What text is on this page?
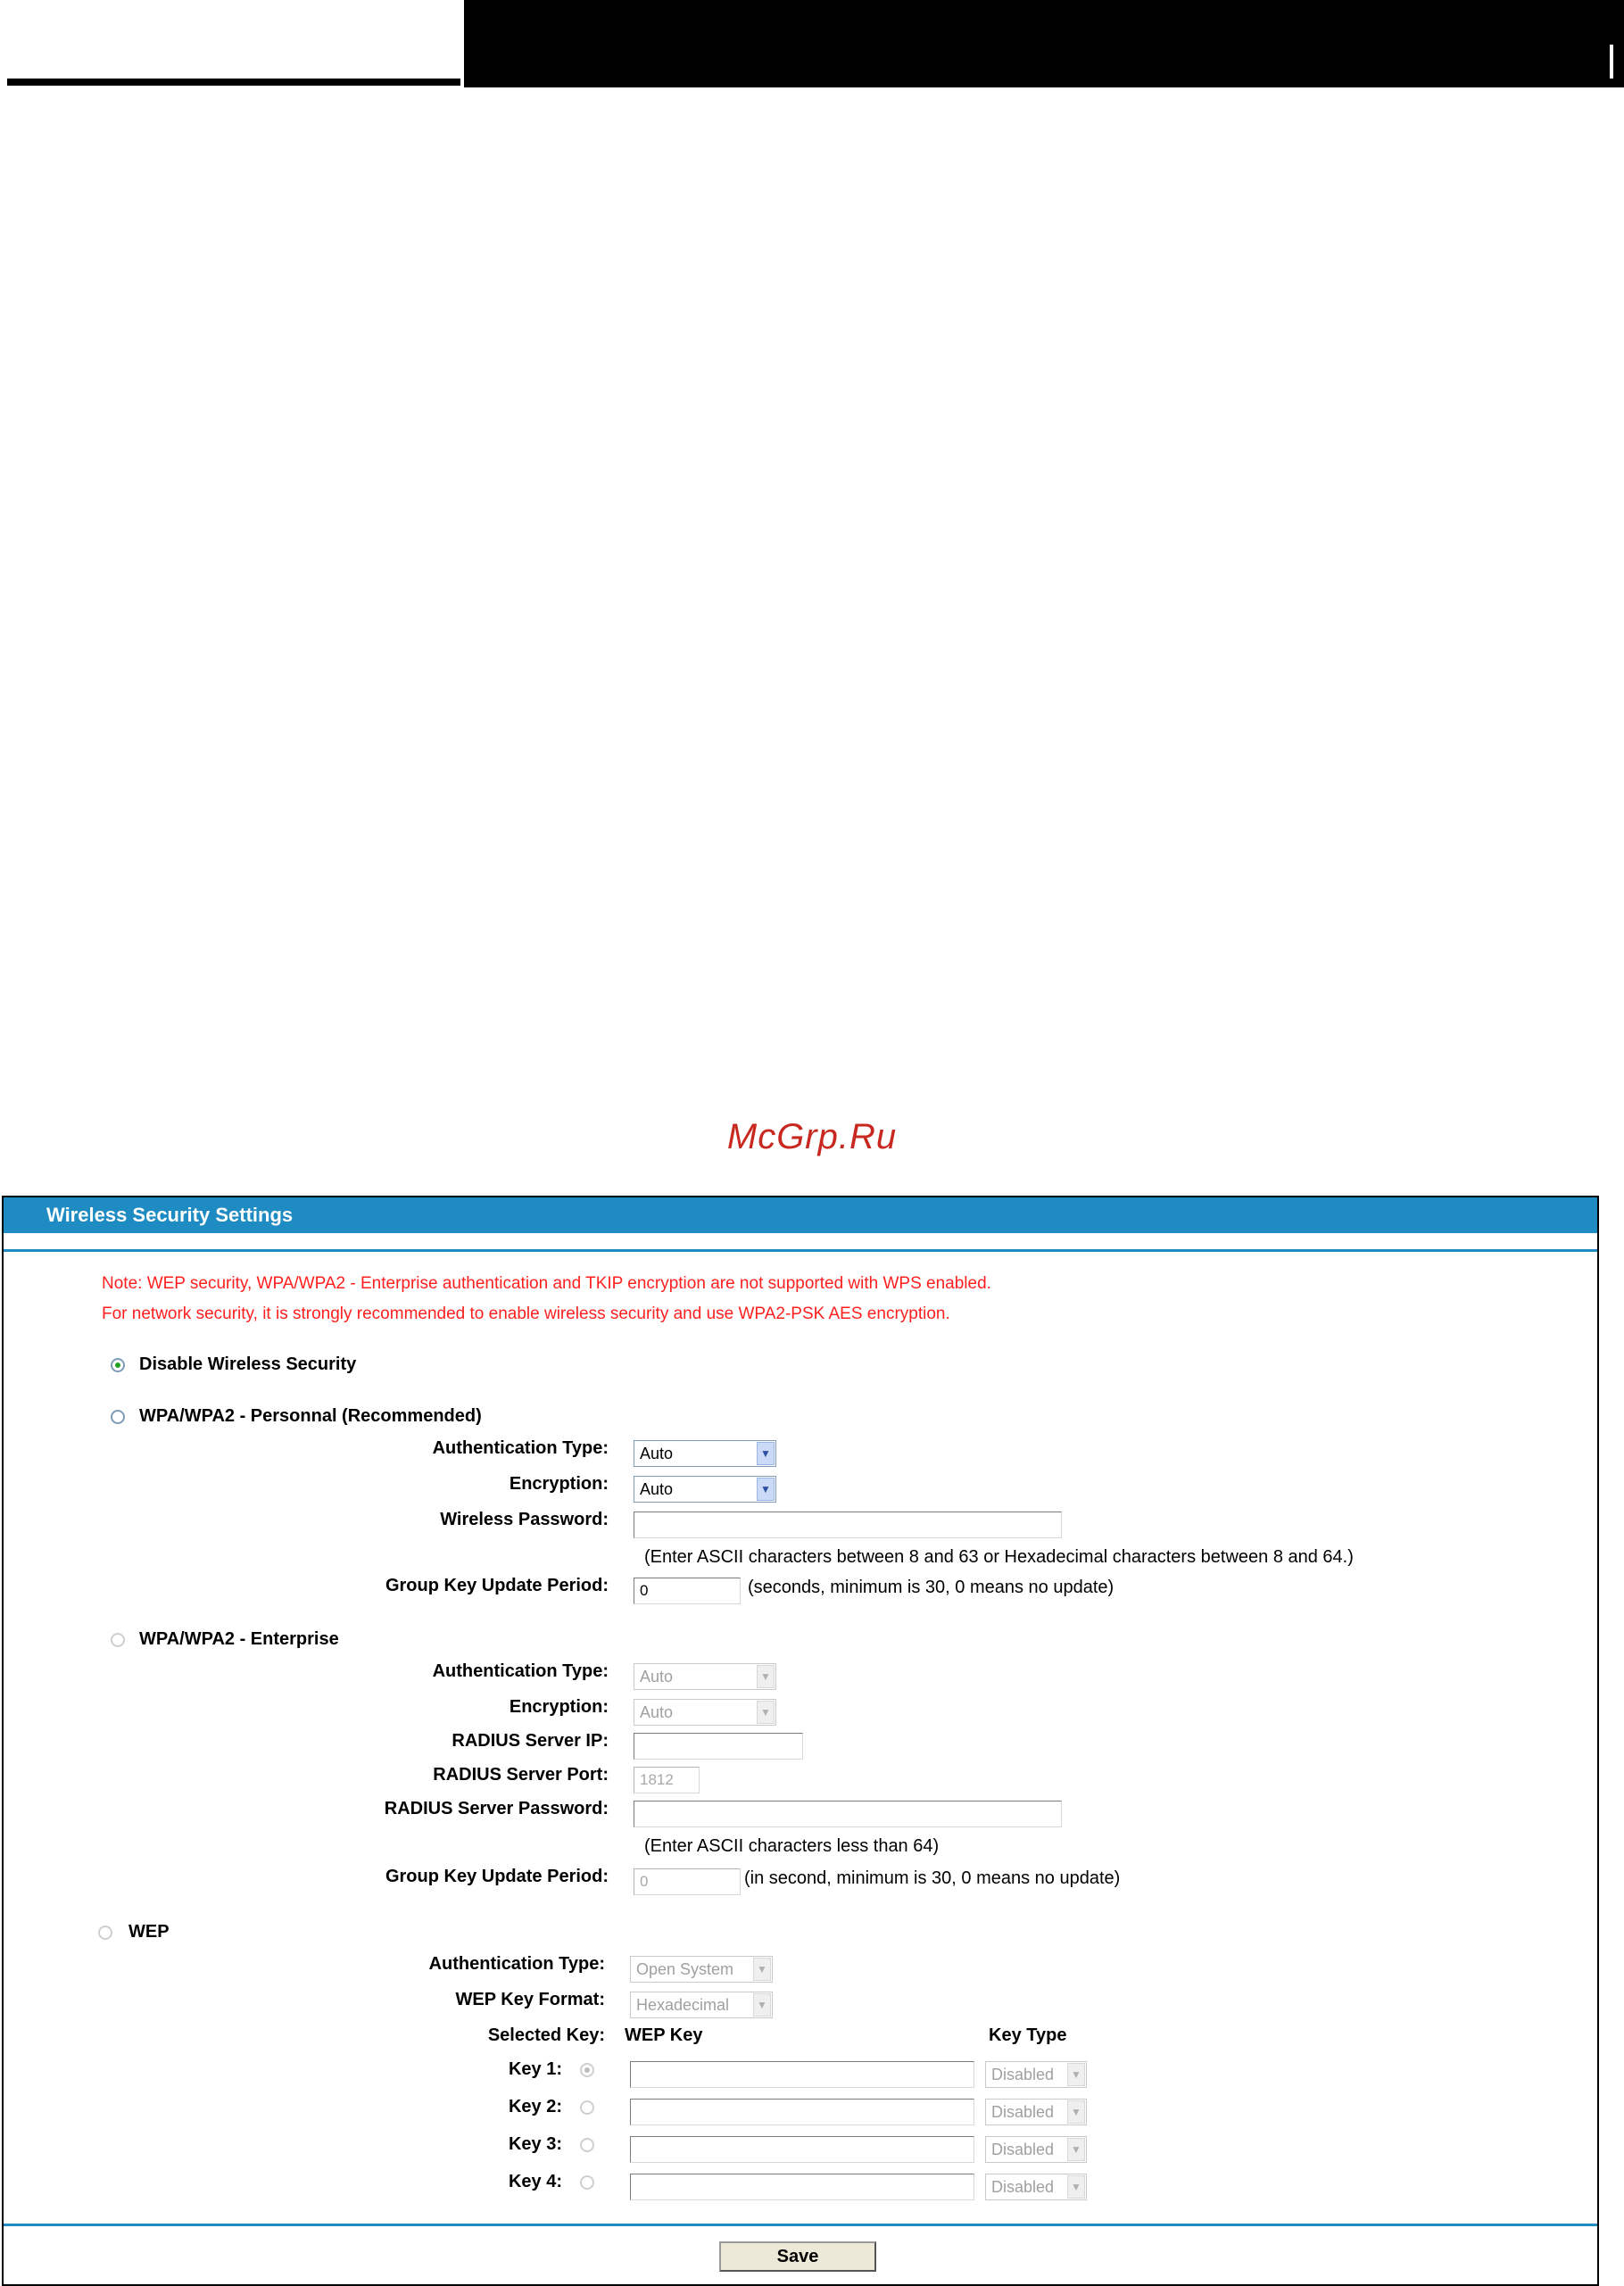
McGrp.Ru
Wireless Security Settings
Note: WEP security, WPA/WPA2 - Enterprise authentication and TKIP encryption are not supported with WPS enabled.
For network security, it is strongly recommended to enable wireless security and use WPA2-PSK AES encryption.
Disable Wireless Security
WPA/WPA2 - Personnal (Recommended)
Authentication Type:	Auto	▼
Encryption:	Auto	▼
Wireless Password:
(Enter ASCII characters between 8 and 63 or Hexadecimal characters between 8 and 64.)
Group Key Update Period:	0	(seconds, minimum is 30, 0 means no update)
WPA/WPA2 - Enterprise
Authentication Type:	Auto	▼
Encryption:	Auto	▼
RADIUS Server IP:
RADIUS Server Port:	1812
RADIUS Server Password:
(Enter ASCII characters less than 64)
Group Key Update Period:	0	(in second, minimum is 30, 0 means no update)
WEP
Authentication Type:	Open System	▼
WEP Key Format:	Hexadecimal	▼
Selected Key: WEP Key	Key Type
Key 1:	Disabled	▼
Key 2:	Disabled	▼
Key 3:	Disabled	▼
Key 4:	Disabled	▼
Save
